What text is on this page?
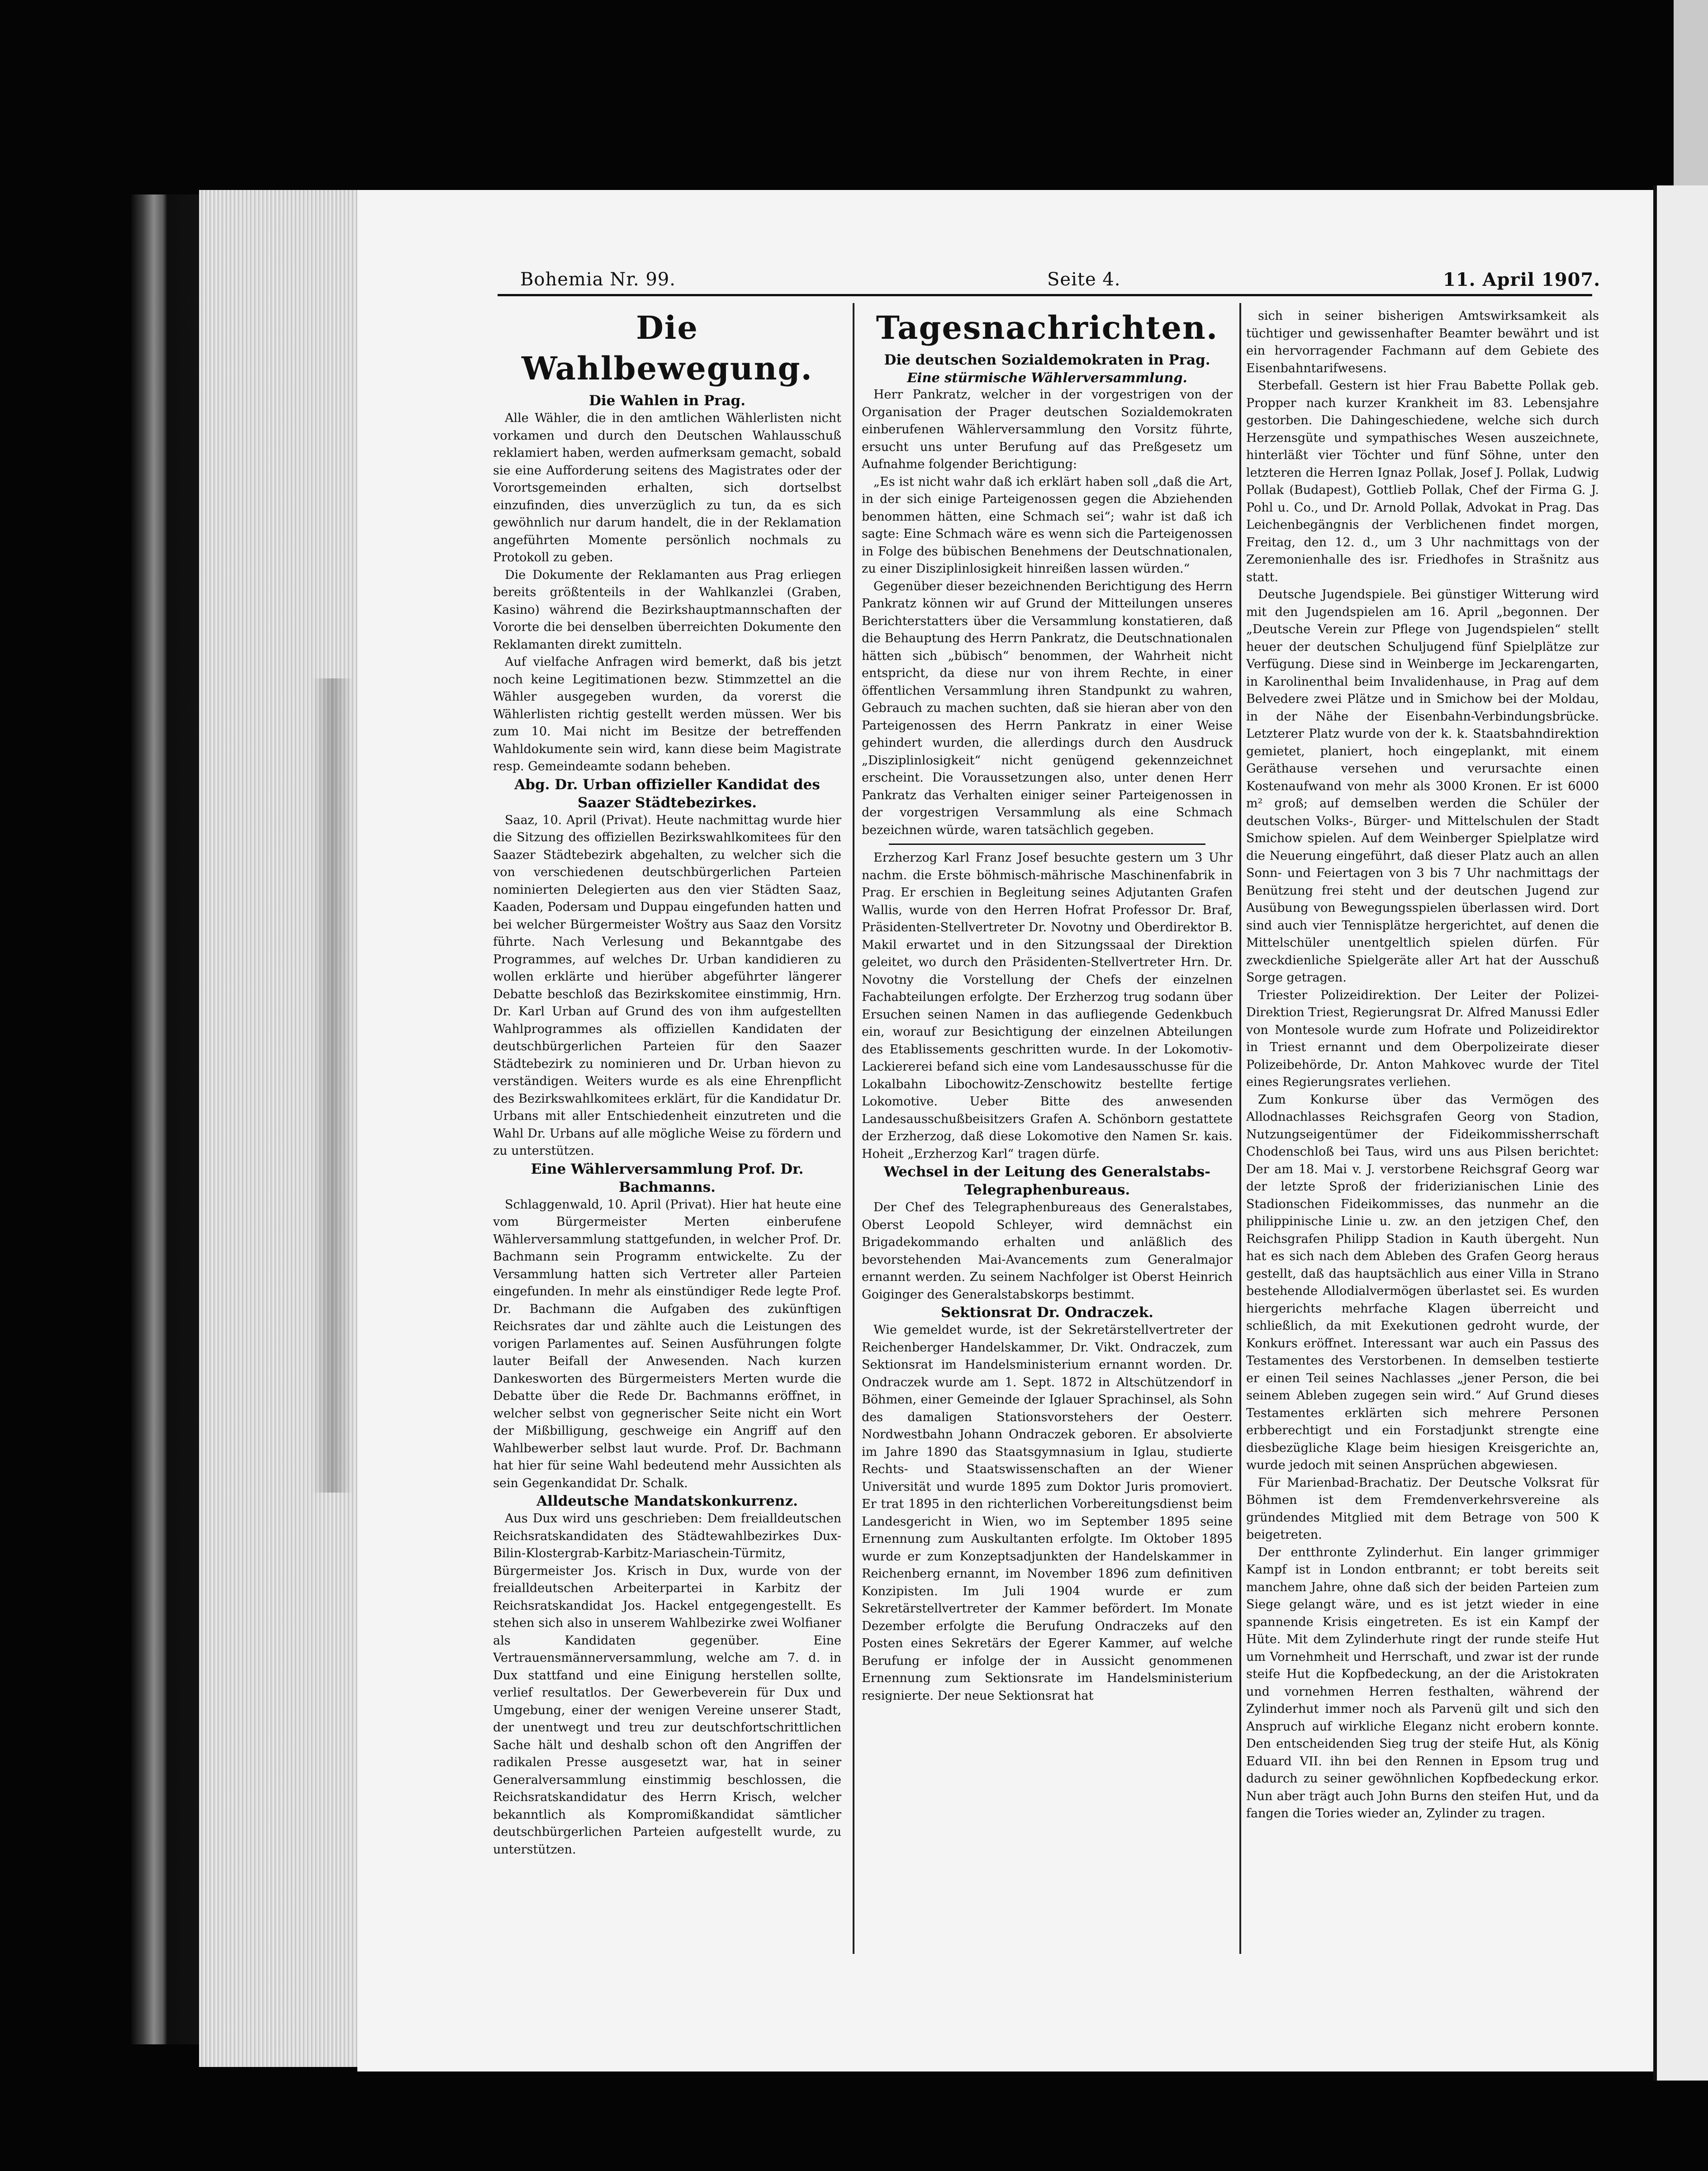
Bohemia Nr. 99.	Seite 4.	11. April 1907.
Die Wahlbewegung.
Die Wahlen in Prag.

Alle Wähler, die in den amtlichen Wählerlisten nicht vorkamen und durch den Deutschen Wahlausschuß reklamiert haben, werden aufmerksam gemacht, sobald sie eine Aufforderung seitens des Magistrates oder der Vorortsgemeinden erhalten, sich dortselbst einzufinden, dies unverzüglich zu tun, da es sich gewöhnlich nur darum handelt, die in der Reklamation angeführten Momente persönlich nochmals zu Protokoll zu geben.

Die Dokumente der Reklamanten aus Prag erliegen bereits größtenteils in der Wahlkanzlei (Graben, Kasino) während die Bezirkshauptmannschaften der Vororte die bei denselben überreichten Dokumente den Reklamanten direkt zumitteln.

Auf vielfache Anfragen wird bemerkt, daß bis jetzt noch keine Legitimationen bezw. Stimmzettel an die Wähler ausgegeben wurden, da vorerst die Wählerlisten richtig gestellt werden müssen. Wer bis zum 10. Mai nicht im Besitze der betreffenden Wahldokumente sein wird, kann diese beim Magistrate resp. Gemeindeamte sodann beheben.

Abg. Dr. Urban offizieller Kandidat des Saazer Städtebezirkes.

Saaz, 10. April (Privat). Heute nachmittag wurde hier die Sitzung des offiziellen Bezirkswahlkomitees für den Saazer Städtebezirk abgehalten, zu welcher sich die von verschiedenen deutschbürgerlichen Parteien nominierten Delegierten aus den vier Städten Saaz, Kaaden, Podersam und Duppau eingefunden hatten und bei welcher Bürgermeister Woštry aus Saaz den Vorsitz führte. Nach Verlesung und Bekanntgabe des Programmes, auf welches Dr. Urban kandidieren zu wollen erklärte und hierüber abgeführter längerer Debatte beschloß das Bezirkskomitee einstimmig, Hrn. Dr. Karl Urban auf Grund des von ihm aufgestellten Wahlprogrammes als offiziellen Kandidaten der deutschbürgerlichen Parteien für den Saazer Städtebezirk zu nominieren und Dr. Urban hievon zu verständigen. Weiters wurde es als eine Ehrenpflicht des Bezirkswahlkomitees erklärt, für die Kandidatur Dr. Urbans mit aller Entschiedenheit einzutreten und die Wahl Dr. Urbans auf alle mögliche Weise zu fördern und zu unterstützen.

Eine Wählerversammlung Prof. Dr. Bachmanns.

Schlaggenwald, 10. April (Privat). Hier hat heute eine vom Bürgermeister Merten einberufene Wählerversammlung stattgefunden, in welcher Prof. Dr. Bachmann sein Programm entwickelte. Zu der Versammlung hatten sich Vertreter aller Parteien eingefunden. In mehr als einstündiger Rede legte Prof. Dr. Bachmann die Aufgaben des zukünftigen Reichsrates dar und zählte auch die Leistungen des vorigen Parlamentes auf. Seinen Ausführungen folgte lauter Beifall der Anwesenden. Nach kurzen Dankesworten des Bürgermeisters Merten wurde die Debatte über die Rede Dr. Bachmanns eröffnet, in welcher selbst von gegnerischer Seite nicht ein Wort der Mißbilligung, geschweige ein Angriff auf den Wahlbewerber selbst laut wurde. Prof. Dr. Bachmann hat hier für seine Wahl bedeutend mehr Aussichten als sein Gegenkandidat Dr. Schalk.

Alldeutsche Mandatskonkurrenz.

Aus Dux wird uns geschrieben: Dem freialldeutschen Reichsratskandidaten des Städtewahlbezirkes Dux-Bilin-Klostergrab-Karbitz-Mariaschein-Türmitz, Bürgermeister Jos. Krisch in Dux, wurde von der freialldeutschen Arbeiterpartei in Karbitz der Reichsratskandidat Jos. Hackel entgegengestellt. Es stehen sich also in unserem Wahlbezirke zwei Wolfianer als Kandidaten gegenüber. Eine Vertrauensmännerversammlung, welche am 7. d. in Dux stattfand und eine Einigung herstellen sollte, verlief resultatlos. Der Gewerbeverein für Dux und Umgebung, einer der wenigen Vereine unserer Stadt, der unentwegt und treu zur deutschfortschrittlichen Sache hält und deshalb schon oft den Angriffen der radikalen Presse ausgesetzt war, hat in seiner Generalversammlung einstimmig beschlossen, die Reichsratskandidatur des Herrn Krisch, welcher bekanntlich als Kompromißkandidat sämtlicher deutschbürgerlichen Parteien aufgestellt wurde, zu unterstützen.

Tagesnachrichten.
Die deutschen Sozialdemokraten in Prag.
Eine stürmische Wählerversammlung.

Herr Pankratz, welcher in der vorgestrigen von der Organisation der Prager deutschen Sozialdemokraten einberufenen Wählerversammlung den Vorsitz führte, ersucht uns unter Berufung auf das Preßgesetz um Aufnahme folgender Berichtigung:

„Es ist nicht wahr daß ich erklärt haben soll „daß die Art, in der sich einige Parteigenossen gegen die Abziehenden benommen hätten, eine Schmach sei“; wahr ist daß ich sagte: Eine Schmach wäre es wenn sich die Parteigenossen in Folge des bübischen Benehmens der Deutschnationalen, zu einer Disziplinlosigkeit hinreißen lassen würden.“

Gegenüber dieser bezeichnenden Berichtigung des Herrn Pankratz können wir auf Grund der Mitteilungen unseres Berichterstatters über die Versammlung konstatieren, daß die Behauptung des Herrn Pankratz, die Deutschnationalen hätten sich „bübisch“ benommen, der Wahrheit nicht entspricht, da diese nur von ihrem Rechte, in einer öffentlichen Versammlung ihren Standpunkt zu wahren, Gebrauch zu machen suchten, daß sie hieran aber von den Parteigenossen des Herrn Pankratz in einer Weise gehindert wurden, die allerdings durch den Ausdruck „Disziplinlosigkeit“ nicht genügend gekennzeichnet erscheint. Die Voraussetzungen also, unter denen Herr Pankratz das Verhalten einiger seiner Parteigenossen in der vorgestrigen Versammlung als eine Schmach bezeichnen würde, waren tatsächlich gegeben.

Erzherzog Karl Franz Josef besuchte gestern um 3 Uhr nachm. die Erste böhmisch-mährische Maschinenfabrik in Prag. Er erschien in Begleitung seines Adjutanten Grafen Wallis, wurde von den Herren Hofrat Professor Dr. Braf, Präsidenten-Stellvertreter Dr. Novotny und Oberdirektor B. Makil erwartet und in den Sitzungssaal der Direktion geleitet, wo durch den Präsidenten-Stellvertreter Hrn. Dr. Novotny die Vorstellung der Chefs der einzelnen Fachabteilungen erfolgte. Der Erzherzog trug sodann über Ersuchen seinen Namen in das aufliegende Gedenkbuch ein, worauf zur Besichtigung der einzelnen Abteilungen des Etablissements geschritten wurde. In der Lokomotiv-Lackiererei befand sich eine vom Landesausschusse für die Lokalbahn Libochowitz-Zenschowitz bestellte fertige Lokomotive. Ueber Bitte des anwesenden Landesausschußbeisitzers Grafen A. Schönborn gestattete der Erzherzog, daß diese Lokomotive den Namen Sr. kais. Hoheit „Erzherzog Karl“ tragen dürfe.

Wechsel in der Leitung des Generalstabs-Telegraphenbureaus.

Der Chef des Telegraphenbureaus des Generalstabes, Oberst Leopold Schleyer, wird demnächst ein Brigadekommando erhalten und anläßlich des bevorstehenden Mai-Avancements zum Generalmajor ernannt werden. Zu seinem Nachfolger ist Oberst Heinrich Goiginger des Generalstabskorps bestimmt.

Sektionsrat Dr. Ondraczek.

Wie gemeldet wurde, ist der Sekretärstellvertreter der Reichenberger Handelskammer, Dr. Vikt. Ondraczek, zum Sektionsrat im Handelsministerium ernannt worden. Dr. Ondraczek wurde am 1. Sept. 1872 in Altschützendorf in Böhmen, einer Gemeinde der Iglauer Sprachinsel, als Sohn des damaligen Stationsvorstehers der Oesterr. Nordwestbahn Johann Ondraczek geboren. Er absolvierte im Jahre 1890 das Staatsgymnasium in Iglau, studierte Rechts- und Staatswissenschaften an der Wiener Universität und wurde 1895 zum Doktor Juris promoviert. Er trat 1895 in den richterlichen Vorbereitungsdienst beim Landesgericht in Wien, wo im September 1895 seine Ernennung zum Auskultanten erfolgte. Im Oktober 1895 wurde er zum Konzeptsadjunkten der Handelskammer in Reichenberg ernannt, im November 1896 zum definitiven Konzipisten. Im Juli 1904 wurde er zum Sekretärstellvertreter der Kammer befördert. Im Monate Dezember erfolgte die Berufung Ondraczeks auf den Posten eines Sekretärs der Egerer Kammer, auf welche Berufung er infolge der in Aussicht genommenen Ernennung zum Sektionsrate im Handelsministerium resignierte. Der neue Sektionsrat hat

sich in seiner bisherigen Amtswirksamkeit als tüchtiger und gewissenhafter Beamter bewährt und ist ein hervorragender Fachmann auf dem Gebiete des Eisenbahntarifwesens.

Sterbefall. Gestern ist hier Frau Babette Pollak geb. Propper nach kurzer Krankheit im 83. Lebensjahre gestorben. Die Dahingeschiedene, welche sich durch Herzensgüte und sympathisches Wesen auszeichnete, hinterläßt vier Töchter und fünf Söhne, unter den letzteren die Herren Ignaz Pollak, Josef J. Pollak, Ludwig Pollak (Budapest), Gottlieb Pollak, Chef der Firma G. J. Pohl u. Co., und Dr. Arnold Pollak, Advokat in Prag. Das Leichenbegängnis der Verblichenen findet morgen, Freitag, den 12. d., um 3 Uhr nachmittags von der Zeremonienhalle des isr. Friedhofes in Strašnitz aus statt.

Deutsche Jugendspiele. Bei günstiger Witterung wird mit den Jugendspielen am 16. April „begonnen. Der „Deutsche Verein zur Pflege von Jugendspielen“ stellt heuer der deutschen Schuljugend fünf Spielplätze zur Verfügung. Diese sind in Weinberge im Jeckarengarten, in Karolinenthal beim Invalidenhause, in Prag auf dem Belvedere zwei Plätze und in Smichow bei der Moldau, in der Nähe der Eisenbahn-Verbindungsbrücke. Letzterer Platz wurde von der k. k. Staatsbahndirektion gemietet, planiert, hoch eingeplankt, mit einem Geräthause versehen und verursachte einen Kostenaufwand von mehr als 3000 Kronen. Er ist 6000 m² groß; auf demselben werden die Schüler der deutschen Volks-, Bürger- und Mittelschulen der Stadt Smichow spielen. Auf dem Weinberger Spielplatze wird die Neuerung eingeführt, daß dieser Platz auch an allen Sonn- und Feiertagen von 3 bis 7 Uhr nachmittags der Benützung frei steht und der deutschen Jugend zur Ausübung von Bewegungsspielen überlassen wird. Dort sind auch vier Tennisplätze hergerichtet, auf denen die Mittelschüler unentgeltlich spielen dürfen. Für zweckdienliche Spielgeräte aller Art hat der Ausschuß Sorge getragen.

Triester Polizeidirektion. Der Leiter der Polizei-Direktion Triest, Regierungsrat Dr. Alfred Manussi Edler von Montesole wurde zum Hofrate und Polizeidirektor in Triest ernannt und dem Oberpolizeirate dieser Polizeibehörde, Dr. Anton Mahkovec wurde der Titel eines Regierungsrates verliehen.

Zum Konkurse über das Vermögen des Allodnachlasses Reichsgrafen Georg von Stadion, Nutzungseigentümer der Fideikommissherrschaft Chodenschloß bei Taus, wird uns aus Pilsen berichtet: Der am 18. Mai v. J. verstorbene Reichsgraf Georg war der letzte Sproß der friderizianischen Linie des Stadionschen Fideikommisses, das nunmehr an die philippinische Linie u. zw. an den jetzigen Chef, den Reichsgrafen Philipp Stadion in Kauth übergeht. Nun hat es sich nach dem Ableben des Grafen Georg heraus gestellt, daß das hauptsächlich aus einer Villa in Strano bestehende Allodialvermögen überlastet sei. Es wurden hiergerichts mehrfache Klagen überreicht und schließlich, da mit Exekutionen gedroht wurde, der Konkurs eröffnet. Interessant war auch ein Passus des Testamentes des Verstorbenen. In demselben testierte er einen Teil seines Nachlasses „jener Person, die bei seinem Ableben zugegen sein wird.“ Auf Grund dieses Testamentes erklärten sich mehrere Personen erbberechtigt und ein Forstadjunkt strengte eine diesbezügliche Klage beim hiesigen Kreisgerichte an, wurde jedoch mit seinen Ansprüchen abgewiesen.

Für Marienbad-Brachatiz. Der Deutsche Volksrat für Böhmen ist dem Fremdenverkehrsvereine als gründendes Mitglied mit dem Betrage von 500 K beigetreten.

Der entthronte Zylinderhut. Ein langer grimmiger Kampf ist in London entbrannt; er tobt bereits seit manchem Jahre, ohne daß sich der beiden Parteien zum Siege gelangt wäre, und es ist jetzt wieder in eine spannende Krisis eingetreten. Es ist ein Kampf der Hüte. Mit dem Zylinderhute ringt der runde steife Hut um Vornehmheit und Herrschaft, und zwar ist der runde steife Hut die Kopfbedeckung, an der die Aristokraten und vornehmen Herren festhalten, während der Zylinderhut immer noch als Parvenü gilt und sich den Anspruch auf wirkliche Eleganz nicht erobern konnte. Den entscheidenden Sieg trug der steife Hut, als König Eduard VII. ihn bei den Rennen in Epsom trug und dadurch zu seiner gewöhnlichen Kopfbedeckung erkor. Nun aber trägt auch John Burns den steifen Hut, und da fangen die Tories wieder an, Zylinder zu tragen.
